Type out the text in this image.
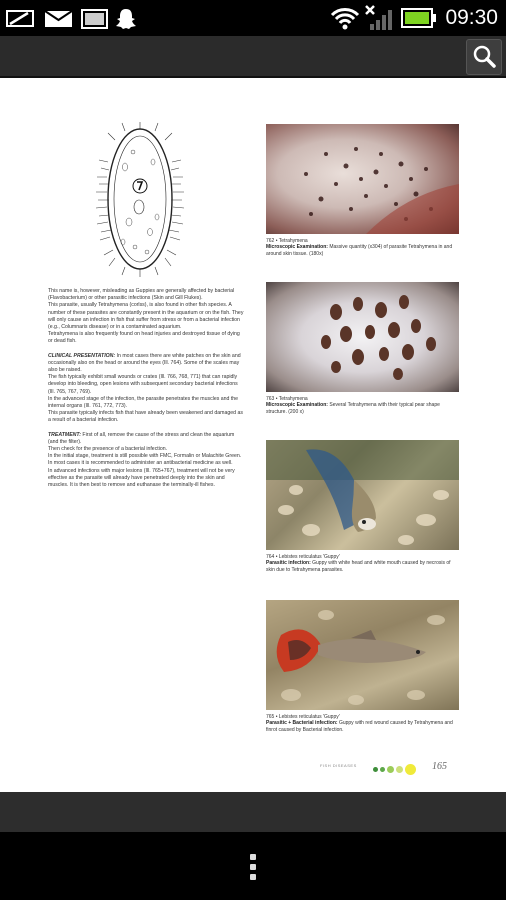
09:30

This name is, however, misleading as Guppies are generally affected by bacterial (Flavobacterium) or other parasitic infections (Skin and Gill Flukes).

This parasite, usually Tetrahymena (corlss), is also found in other fish species. A number of these parasites are constantly present in the aquarium or on the fish. They will only cause an infection in fish that suffer from stress or from a bacterial infection (e.g., Columnaris disease) or in a contaminated aquarium.

Tetrahymena is also frequently found on head injuries and destroyed tissue of dying or dead fish.

CLINICAL PRESENTATION: In most cases there are white patches on the skin and occasionally also on the head or around the eyes (Ill. 764). Some of the scales may also be raised.

The fish typically exhibit small wounds or crates (Ill. 766, 768, 771) that can rapidly develop into bleeding, open lesions with subsequent secondary bacterial infections (Ill. 765, 767, 769).

In the advanced stage of the infection, the parasite penetrates the muscles and the internal organs (Ill. 761, 772, 773).

This parasite typically infects fish that have already been weakened and damaged as a result of a bacterial infection.

TREATMENT: First of all, remove the cause of the stress and clean the aquarium (and the filter).

Then check for the presence of a bacterial infection.

In the initial stage, treatment is still possible with FMC, Formalin or Malachite Green.

In most cases it is recommended to administer an antibacterial medicine as well.

In advanced infections with major lesions (Ill. 765+767), treatment will not be very effective as the parasite will already have penetrated deeply into the skin and muscles. It is then best to remove and euthanase the terminally-ill fishes.

762 • Tetrahymena
Microscopic Examination: Massive quantity (x304) of parasite Tetrahymena in and around skin tissue. (180x)
763 • Tetrahymena
Microscopic Examination: Several Tetrahymena with their typical pear shape structure. (200 x)
764 • Lebistes reticulatus 'Guppy'
Parasitic infection: Guppy with white head and white mouth caused by necrosis of skin due to Tetrahymena parasites.
765 • Lebistes reticulatus 'Guppy'
Parasitic + Bacterial infection: Guppy with red wound caused by Tetrahymena and finrot caused by Bacterial infection.
FISH DISEASES	165
